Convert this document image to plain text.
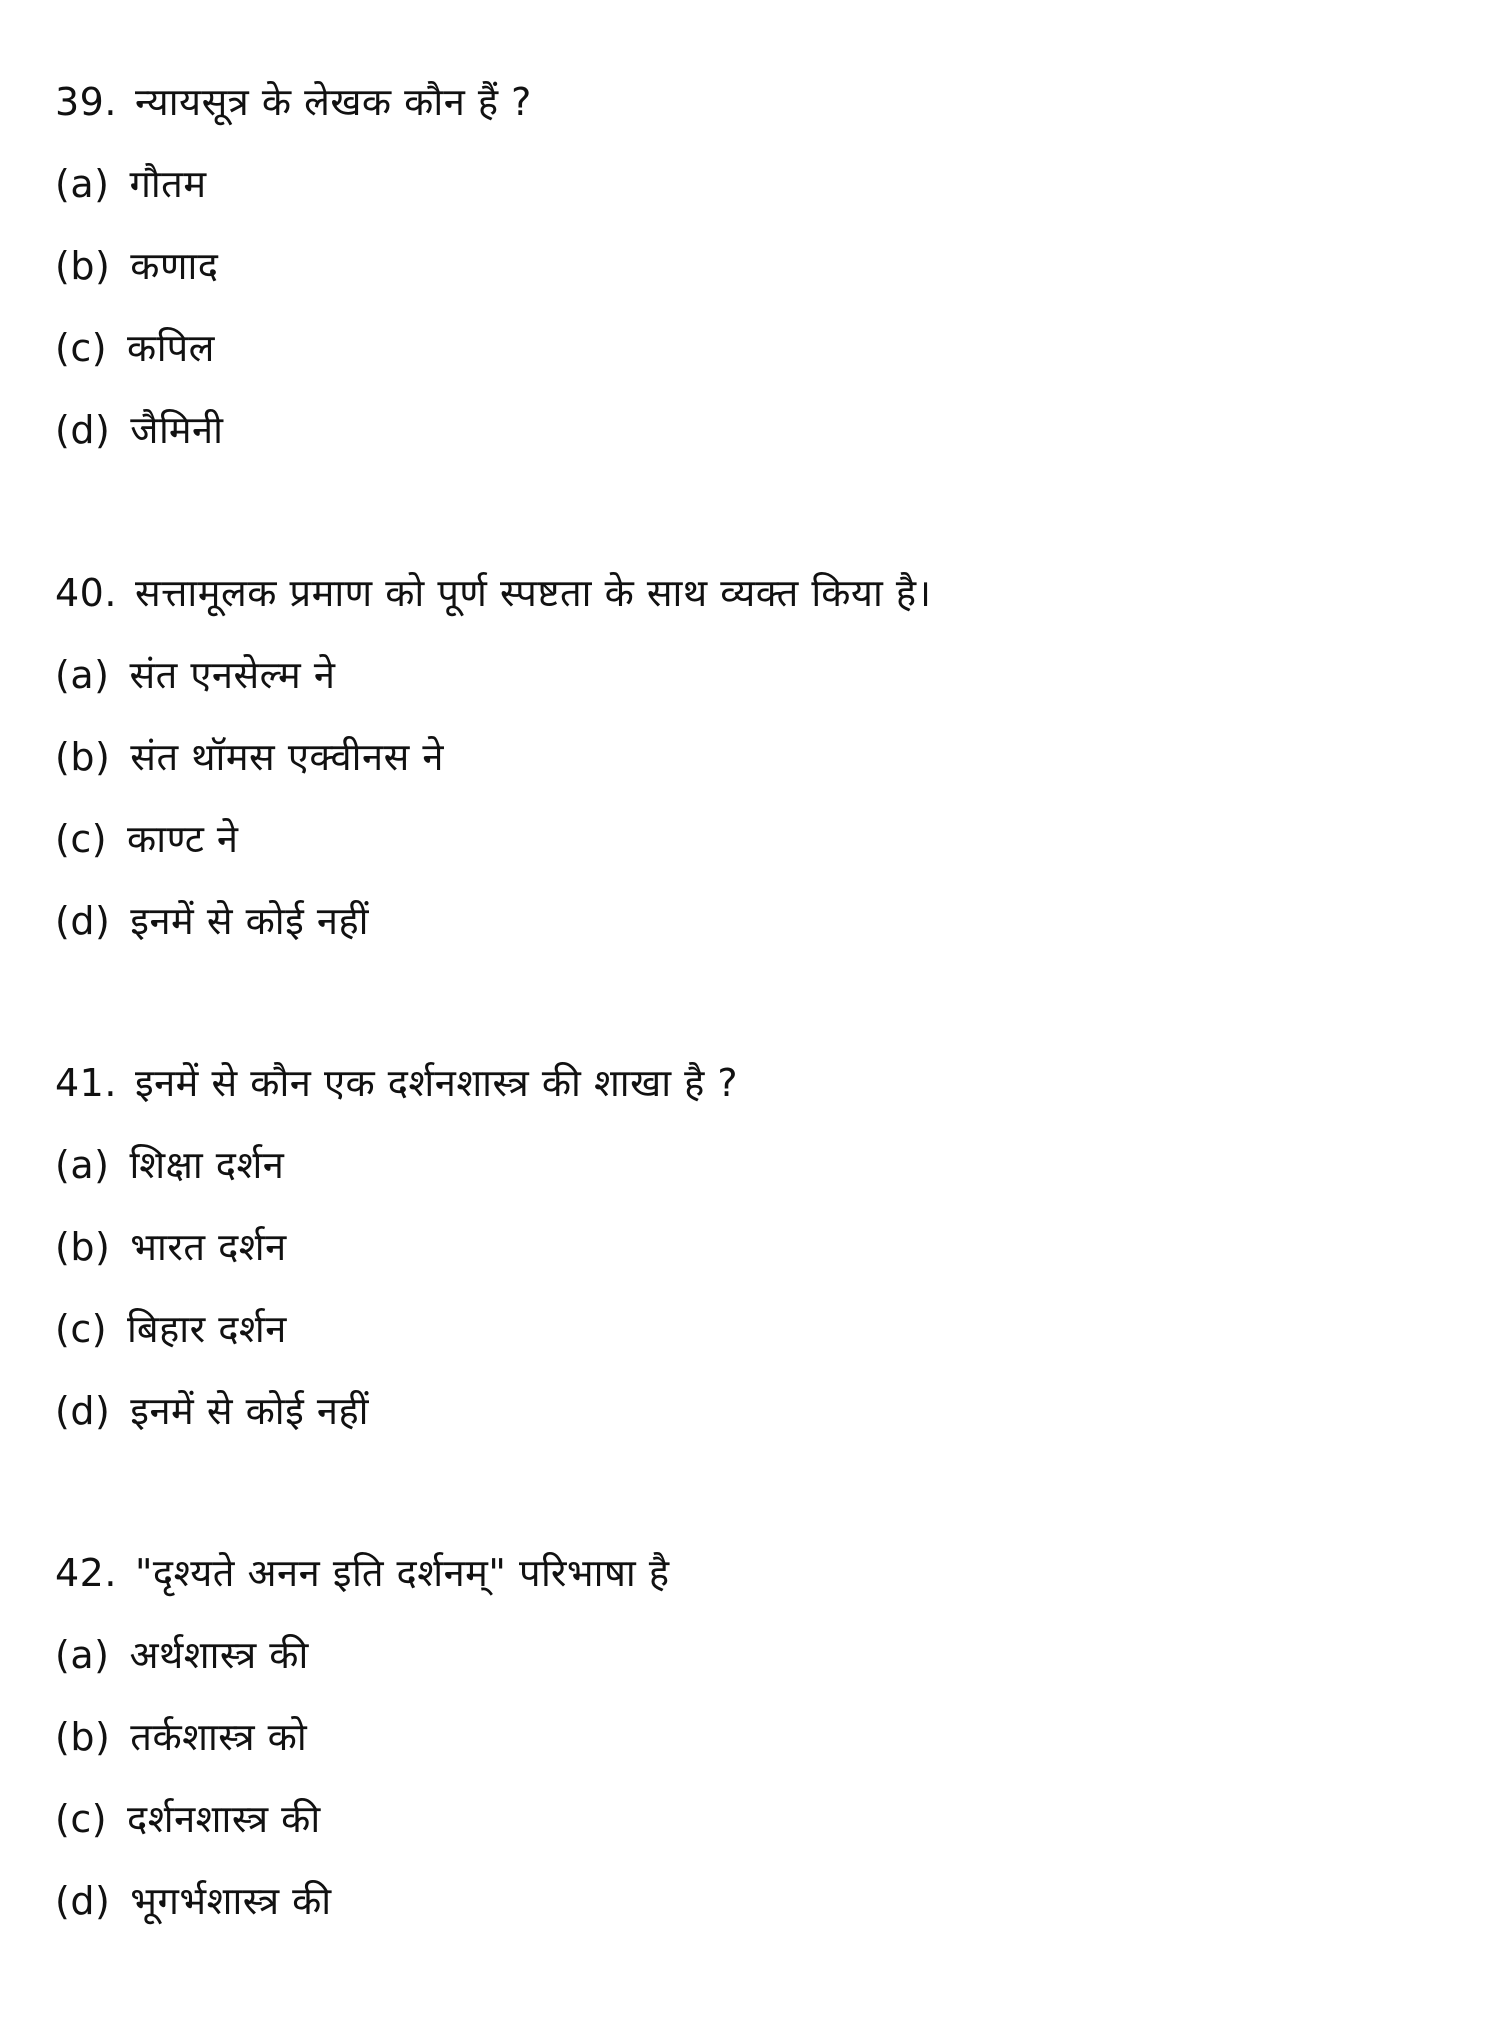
39. न्यायसूत्र के लेखक कौन हैं ?
(a) गौतम
(b) कणाद
(c) कपिल
(d) जैमिनी
40. सत्तामूलक प्रमाण को पूर्ण स्पष्टता के साथ व्यक्त किया है।
(a) संत एनसेल्म ने
(b) संत थॉमस एक्वीनस ने
(c) काण्ट ने
(d) इनमें से कोई नहीं
41. इनमें से कौन एक दर्शनशास्त्र की शाखा है ?
(a) शिक्षा दर्शन
(b) भारत दर्शन
(c) बिहार दर्शन
(d) इनमें से कोई नहीं
42. "दृश्यते अनन इति दर्शनम्" परिभाषा है
(a) अर्थशास्त्र की
(b) तर्कशास्त्र को
(c) दर्शनशास्त्र की
(d) भूगर्भशास्त्र की
